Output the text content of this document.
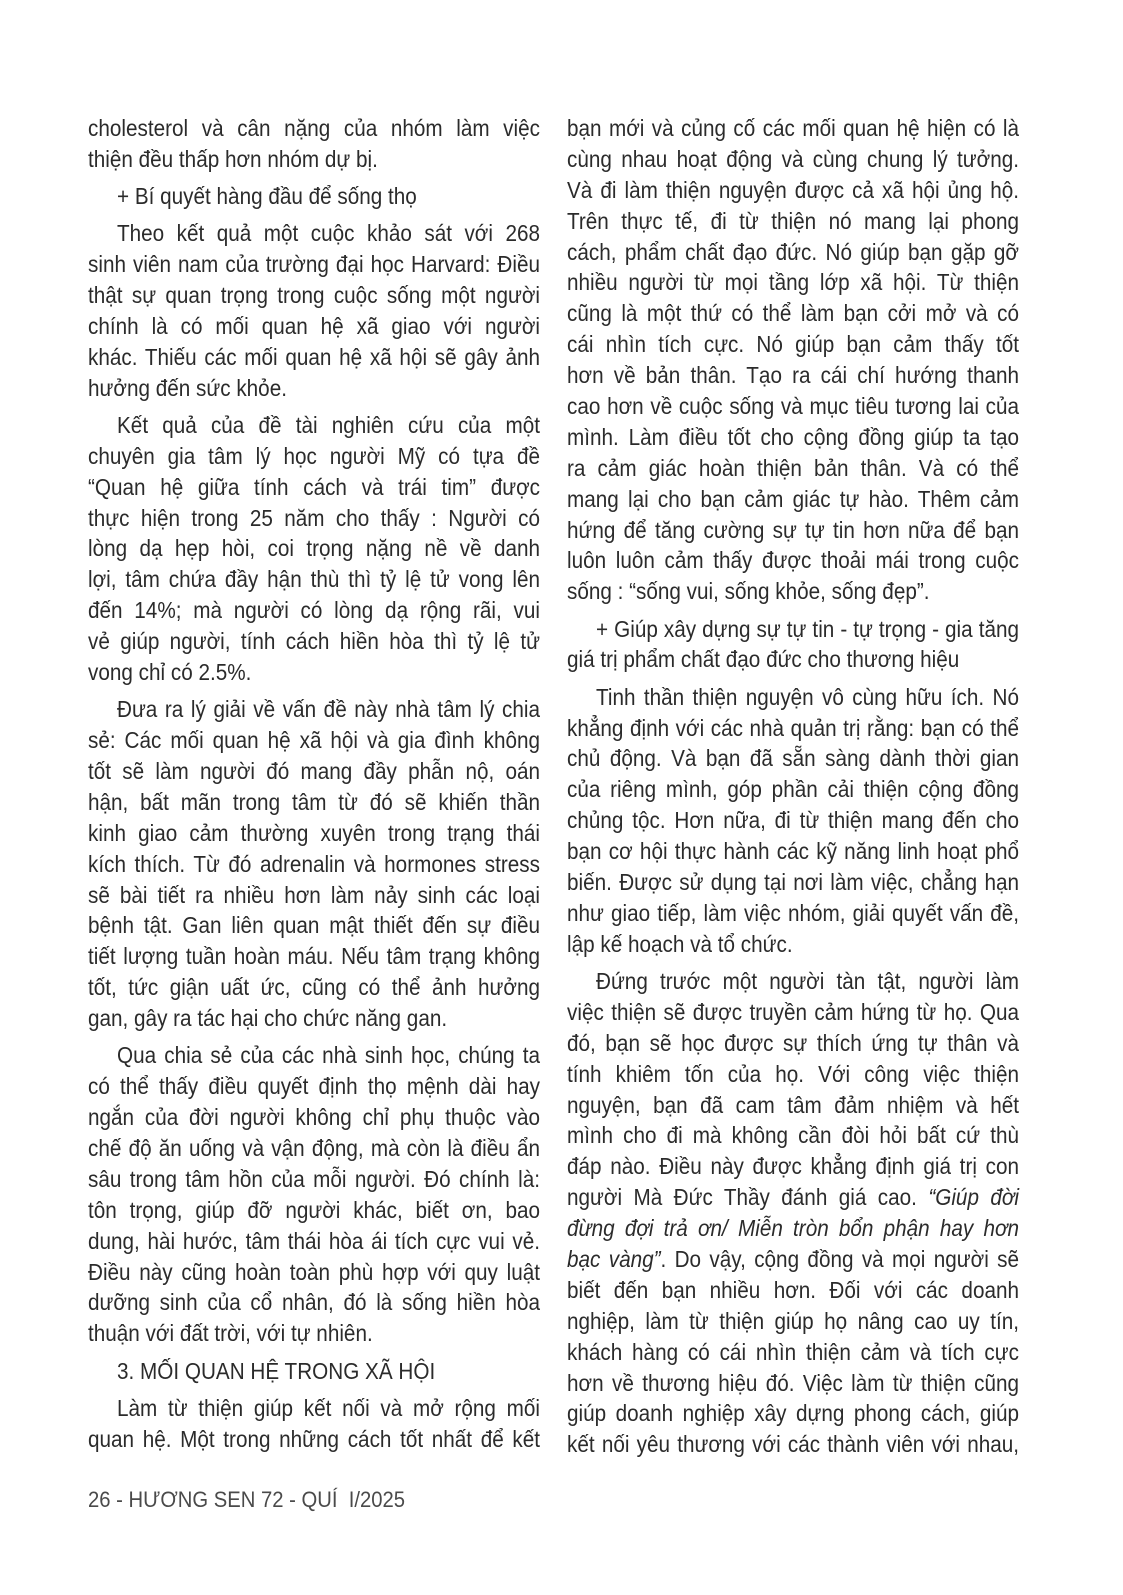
cholesterol và cân nặng của nhóm làm việc
thiện đều thấp hơn nhóm dự bị.
+ Bí quyết hàng đầu để sống thọ
Theo kết quả một cuộc khảo sát với 268
sinh viên nam của trường đại học Harvard: Điều
thật sự quan trọng trong cuộc sống một người
chính là có mối quan hệ xã giao với người
khác. Thiếu các mối quan hệ xã hội sẽ gây ảnh
hưởng đến sức khỏe.
Kết quả của đề tài nghiên cứu của một
chuyên gia tâm lý học người Mỹ có tựa đề
“Quan hệ giữa tính cách và trái tim” được
thực hiện trong 25 năm cho thấy : Người có
lòng dạ hẹp hòi, coi trọng nặng nề về danh
lợi, tâm chứa đầy hận thù thì tỷ lệ tử vong lên
đến 14%; mà người có lòng dạ rộng rãi, vui
vẻ giúp người, tính cách hiền hòa thì tỷ lệ tử
vong chỉ có 2.5%.
Đưa ra lý giải về vấn đề này nhà tâm lý chia
sẻ: Các mối quan hệ xã hội và gia đình không
tốt sẽ làm người đó mang đầy phẫn nộ, oán
hận, bất mãn trong tâm từ đó sẽ khiến thần
kinh giao cảm thường xuyên trong trạng thái
kích thích. Từ đó adrenalin và hormones stress
sẽ bài tiết ra nhiều hơn làm nảy sinh các loại
bệnh tật. Gan liên quan mật thiết đến sự điều
tiết lượng tuần hoàn máu. Nếu tâm trạng không
tốt, tức giận uất ức, cũng có thể ảnh hưởng
gan, gây ra tác hại cho chức năng gan.
Qua chia sẻ của các nhà sinh học, chúng ta
có thể thấy điều quyết định thọ mệnh dài hay
ngắn của đời người không chỉ phụ thuộc vào
chế độ ăn uống và vận động, mà còn là điều ẩn
sâu trong tâm hồn của mỗi người. Đó chính là:
tôn trọng, giúp đỡ người khác, biết ơn, bao
dung, hài hước, tâm thái hòa ái tích cực vui vẻ.
Điều này cũng hoàn toàn phù hợp với quy luật
dưỡng sinh của cổ nhân, đó là sống hiền hòa
thuận với đất trời, với tự nhiên.
3. MỐI QUAN HỆ TRONG XÃ HỘI
Làm từ thiện giúp kết nối và mở rộng mối
quan hệ. Một trong những cách tốt nhất để kết
bạn mới và củng cố các mối quan hệ hiện có là
cùng nhau hoạt động và cùng chung lý tưởng.
Và đi làm thiện nguyện được cả xã hội ủng hộ.
Trên thực tế, đi từ thiện nó mang lại phong
cách, phẩm chất đạo đức. Nó giúp bạn gặp gỡ
nhiều người từ mọi tầng lớp xã hội. Từ thiện
cũng là một thứ có thể làm bạn cởi mở và có
cái nhìn tích cực. Nó giúp bạn cảm thấy tốt
hơn về bản thân. Tạo ra cái chí hướng thanh
cao hơn về cuộc sống và mục tiêu tương lai của
mình. Làm điều tốt cho cộng đồng giúp ta tạo
ra cảm giác hoàn thiện bản thân. Và có thể
mang lại cho bạn cảm giác tự hào. Thêm cảm
hứng để tăng cường sự tự tin hơn nữa để bạn
luôn luôn cảm thấy được thoải mái trong cuộc
sống : “sống vui, sống khỏe, sống đẹp”.
+ Giúp xây dựng sự tự tin - tự trọng - gia tăng
giá trị phẩm chất đạo đức cho thương hiệu
Tinh thần thiện nguyện vô cùng hữu ích. Nó
khẳng định với các nhà quản trị rằng: bạn có thể
chủ động. Và bạn đã sẵn sàng dành thời gian
của riêng mình, góp phần cải thiện cộng đồng
chủng tộc. Hơn nữa, đi từ thiện mang đến cho
bạn cơ hội thực hành các kỹ năng linh hoạt phổ
biến. Được sử dụng tại nơi làm việc, chẳng hạn
như giao tiếp, làm việc nhóm, giải quyết vấn đề,
lập kế hoạch và tổ chức.
Đứng trước một người tàn tật, người làm
việc thiện sẽ được truyền cảm hứng từ họ. Qua
đó, bạn sẽ học được sự thích ứng tự thân và
tính khiêm tốn của họ. Với công việc thiện
nguyện, bạn đã cam tâm đảm nhiệm và hết
mình cho đi mà không cần đòi hỏi bất cứ thù
đáp nào. Điều này được khẳng định giá trị con
người Mà Đức Thầy đánh giá cao. “Giúp đời
đừng đợi trả ơn/ Miễn tròn bổn phận hay hơn
bạc vàng”. Do vậy, cộng đồng và mọi người sẽ
biết đến bạn nhiều hơn. Đối với các doanh
nghiệp, làm từ thiện giúp họ nâng cao uy tín,
khách hàng có cái nhìn thiện cảm và tích cực
hơn về thương hiệu đó. Việc làm từ thiện cũng
giúp doanh nghiệp xây dựng phong cách, giúp
kết nối yêu thương với các thành viên với nhau,
26 - HƯƠNG SEN 72 - QUÍ  I/2025
